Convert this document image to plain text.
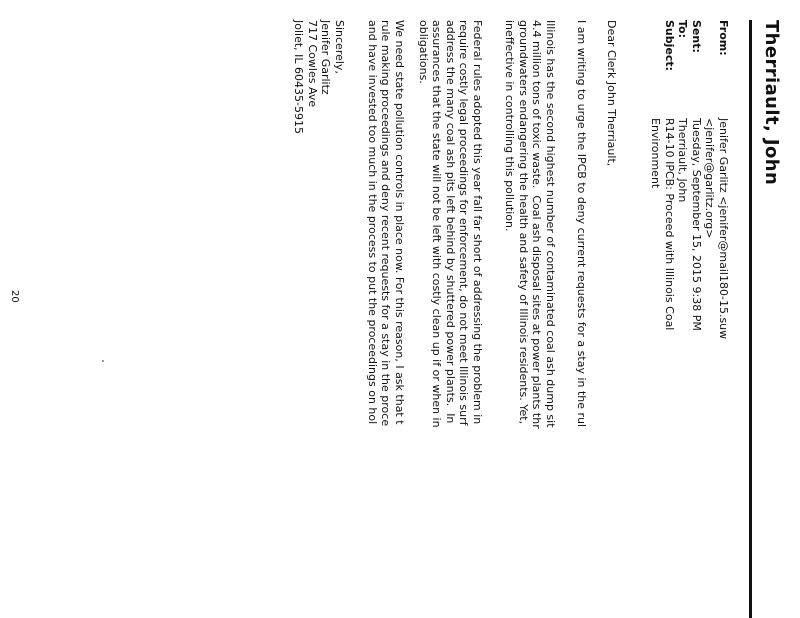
Therriault, John
From:
Jenifer Garlitz <jenifer@mail180-15.suw
<jenifer@garlitz.org>
Sent:
Tuesday, September 15, 2015 9:38 PM
To:
Therriault, John
Subject:
R14-10 IPCB: Proceed with Illinois Coal
Environment
Dear Clerk John Therriault,
I am writing to urge the IPCB to deny current requests for a stay in the rul
Illinois has the second highest number of contaminated coal ash dump sit
4.4 million tons of toxic waste.  Coal ash disposal sites at power plants thr
groundwaters endangering the health and safety of Illinois residents. Yet,
ineffective in controlling this pollution.
Federal rules adopted this year fall far short of addressing the problem in
require costly legal proceedings for enforcement, do not meet Illinois surf
address the many coal ash pits left behind by shuttered power plants.  In
assurances that the state will not be left with costly clean up if or when in
obligations.
We need state pollution controls in place now. For this reason, I ask that t
rule making proceedings and deny recent requests for a stay in the proce
and have invested too much in the process to put the proceedings on hol
Sincerely,
Jenifer Garlitz
717 Cowles Ave
Joliet, IL 60435-5915
20
